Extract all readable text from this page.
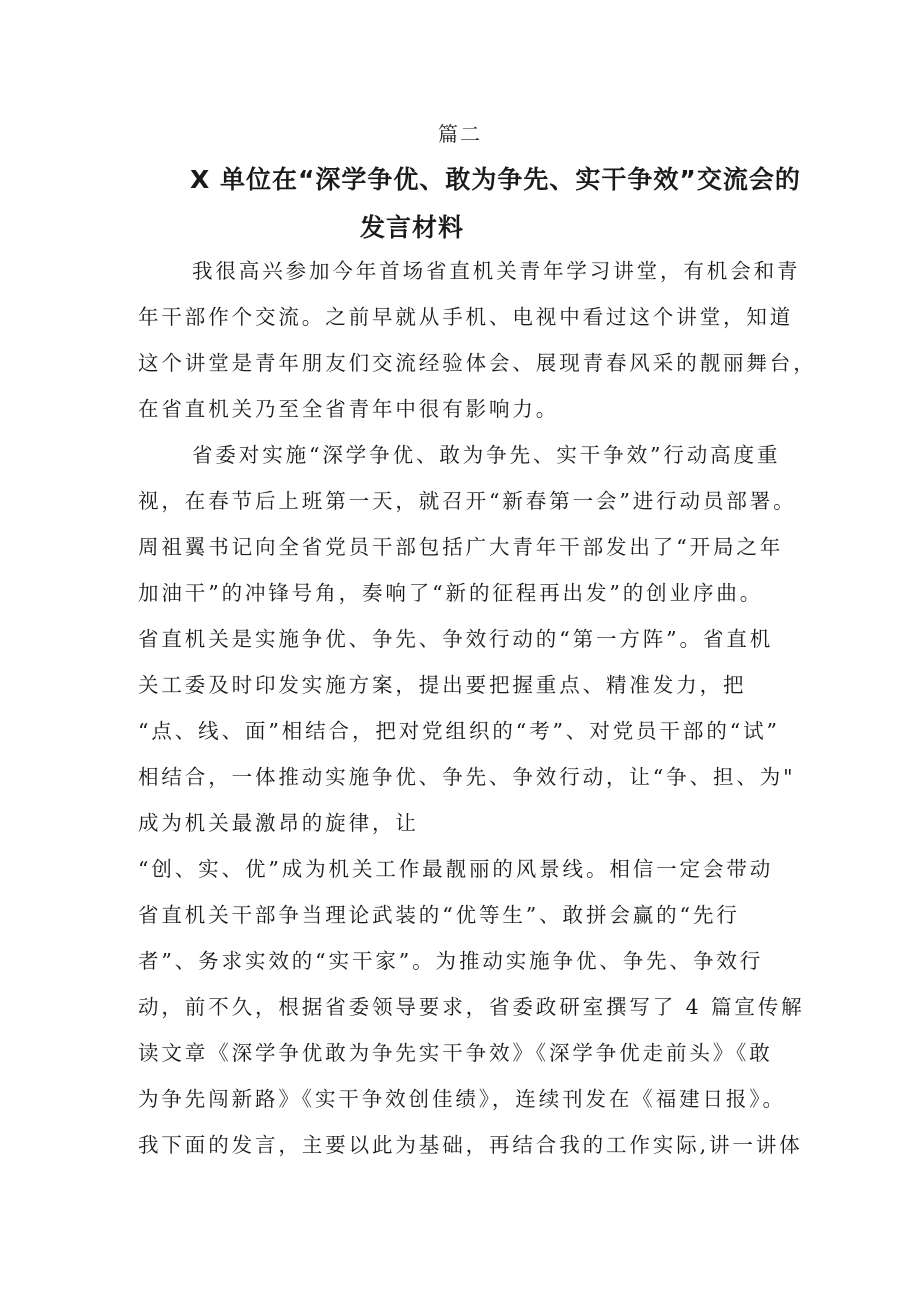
篇二
X 单位在“深学争优、敢为争先、实干争效”交流会的
发言材料
我很高兴参加今年首场省直机关青年学习讲堂，有机会和青
年干部作个交流。之前早就从手机、电视中看过这个讲堂，知道
这个讲堂是青年朋友们交流经验体会、展现青春风采的靓丽舞台，
在省直机关乃至全省青年中很有影响力。
省委对实施“深学争优、敢为争先、实干争效”行动高度重
视，在春节后上班第一天，就召开“新春第一会”进行动员部署。
周祖翼书记向全省党员干部包括广大青年干部发出了“开局之年
加油干”的冲锋号角，奏响了“新的征程再出发”的创业序曲。
省直机关是实施争优、争先、争效行动的“第一方阵”。省直机
关工委及时印发实施方案，提出要把握重点、精准发力，把
“点、线、面”相结合，把对党组织的“考”、对党员干部的“试”
相结合，一体推动实施争优、争先、争效行动，让“争、担、为"
成为机关最激昂的旋律，让
“创、实、优”成为机关工作最靓丽的风景线。相信一定会带动
省直机关干部争当理论武装的“优等生”、敢拼会赢的“先行
者”、务求实效的“实干家”。为推动实施争优、争先、争效行
动，前不久，根据省委领导要求，省委政研室撰写了 4 篇宣传解
读文章《深学争优敢为争先实干争效》《深学争优走前头》《敢
为争先闯新路》《实干争效创佳绩》，连续刊发在《福建日报》。
我下面的发言，主要以此为基础，再结合我的工作实际,讲一讲体
